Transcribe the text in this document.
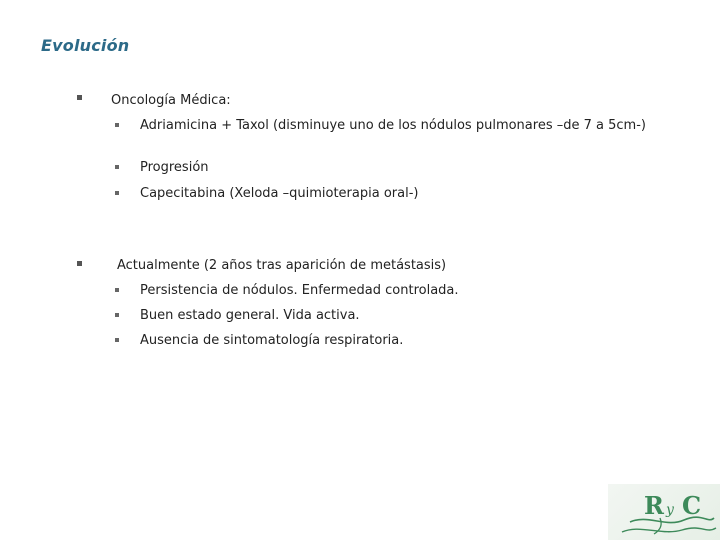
Evolución
Oncología Médica:
Adriamicina + Taxol (disminuye uno de los nódulos pulmonares –de 7 a 5cm-)
Progresión
Capecitabina (Xeloda –quimioterapia oral-)
Actualmente (2 años tras aparición de metástasis)
Persistencia de nódulos. Enfermedad controlada.
Buen estado general. Vida activa.
Ausencia de sintomatología respiratoria.
R y C
